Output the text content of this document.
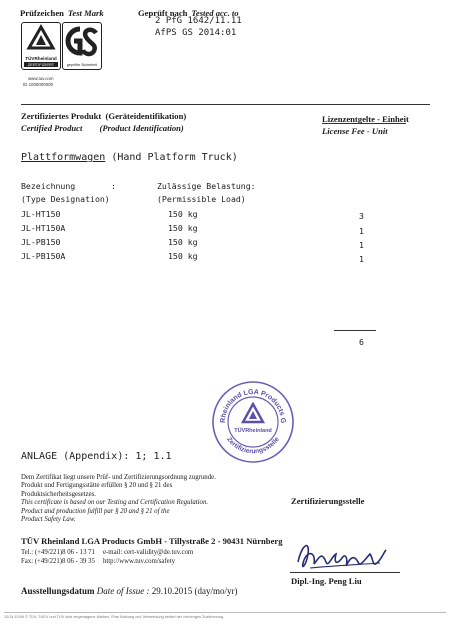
Prüfzeichen Test Mark	Geprüft nach Tested acc. to
2 PfG 1642/11.11
AfPS GS 2014:01
TÜVRheinland
ZERTIFIZIERT	geprüfte Sicherheit
www.tuv.com
ID 1000000000
Zertifiziertes Produkt  (Geräteidentifikation)
Certified Product        (Product Identification)
Lizenzentgelte - Einheit
License Fee - Unit
Plattformwagen (Hand Platform Truck)
Bezeichnung	:
(Type Designation)
Zulässige Belastung:
(Permissible Load)
JL-HT150	150 kg	3
JL-HT150A	150 kg	1
JL-PB150	150 kg	1
JL-PB150A	150 kg	1
6
Rheinland LGA Products G
Zertifizierungsstelle
TÜVRheinland
ANLAGE (Appendix): 1; 1.1
Dem Zertifikat liegt unsere Prüf- und Zertifizierungsordnung zugrunde.
Produkt und Fertigungsstätte erfüllen § 20 und § 21 des
Produktsicherheitsgesetzes.
This certificate is based on our Testing and Certification Regulation.
Product and production fulfill par § 20 and § 21 of the
Product Safety Law.
Zertifizierungsstelle
TÜV Rheinland LGA Products GmbH - Tillystraße 2 - 90431 Nürnberg
Tel.: (+49/221)8 06 - 13 71 e-mail: cert-validity@de.tuv.com
Fax: (+49/221)8 06 - 39 35 http://www.tuv.com/safety
Dipl.-Ing. Peng Liu
Ausstellungsdatum Date of Issue : 29.10.2015 (day/mo/yr)
10/14 10/06 © TÜV, TUEV und TUV sind eingetragene Marken. Eine Nutzung und Verwendung bedarf der vorherigen Zustimmung.
